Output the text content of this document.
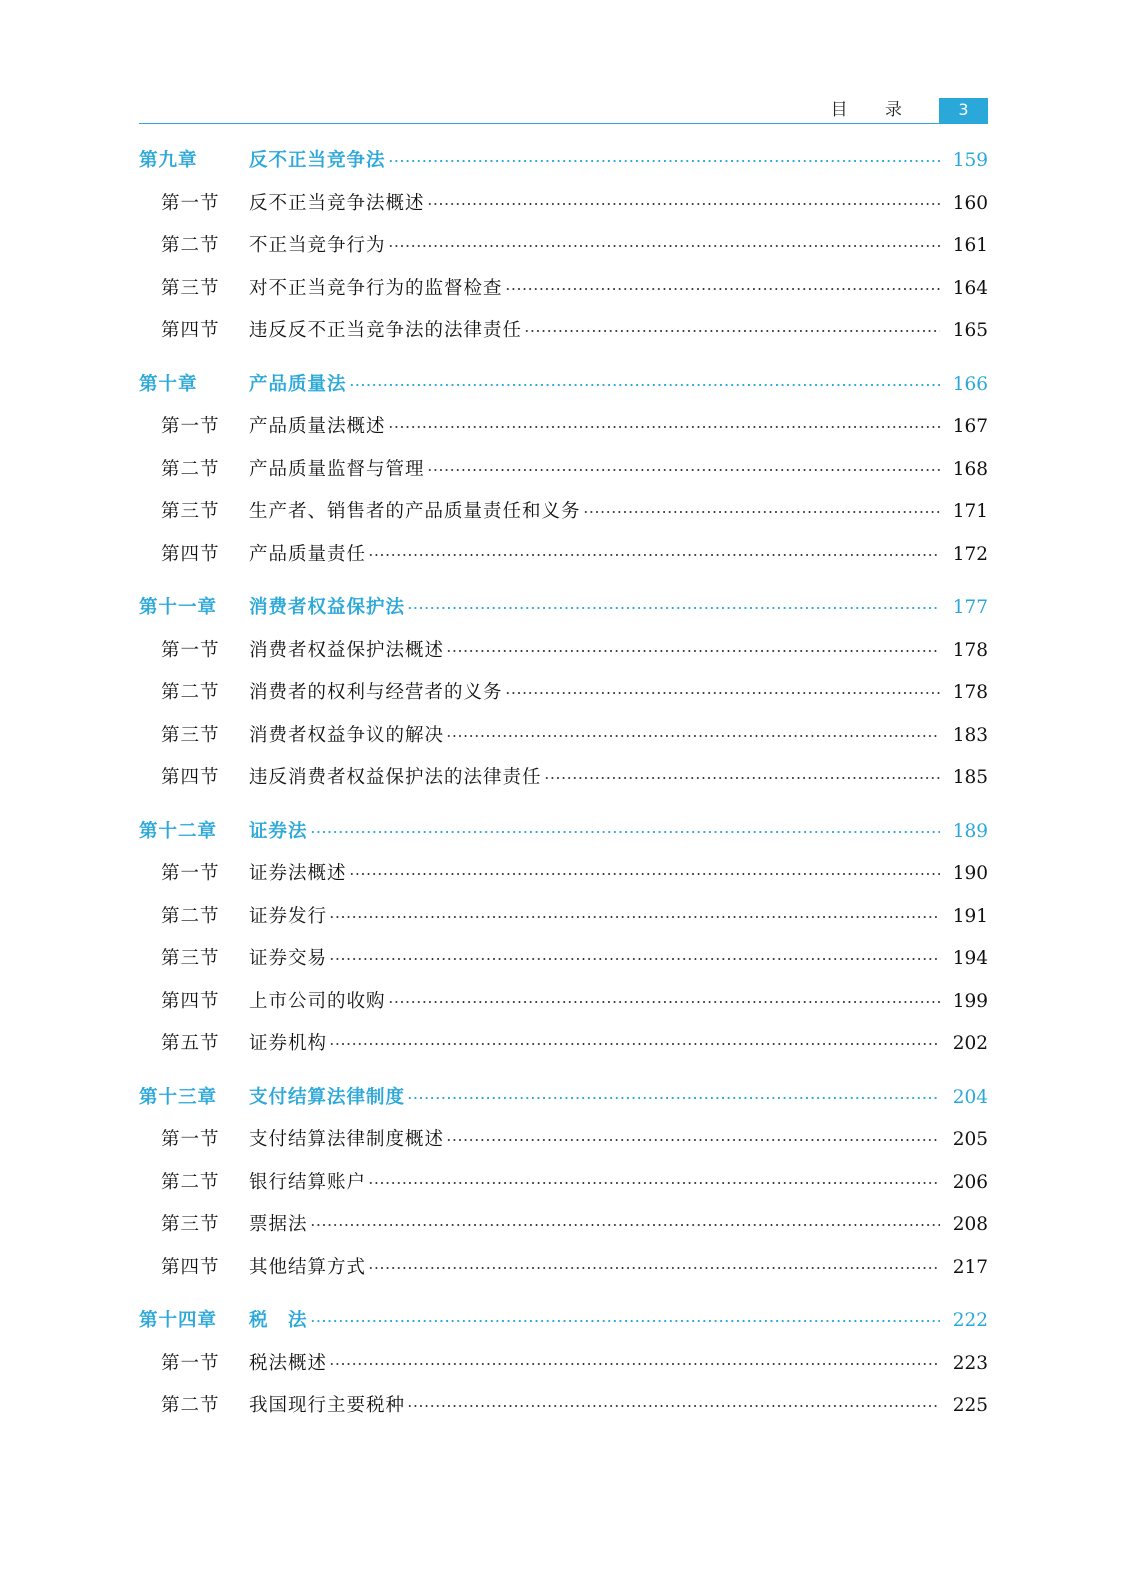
目 录	3
第九章	反不正当竞争法	159
第一节	反不正当竞争法概述	160
第二节	不正当竞争行为	161
第三节	对不正当竞争行为的监督检查	164
第四节	违反反不正当竞争法的法律责任	165
第十章	产品质量法	166
第一节	产品质量法概述	167
第二节	产品质量监督与管理	168
第三节	生产者、销售者的产品质量责任和义务	171
第四节	产品质量责任	172
第十一章	消费者权益保护法	177
第一节	消费者权益保护法概述	178
第二节	消费者的权利与经营者的义务	178
第三节	消费者权益争议的解决	183
第四节	违反消费者权益保护法的法律责任	185
第十二章	证券法	189
第一节	证券法概述	190
第二节	证券发行	191
第三节	证券交易	194
第四节	上市公司的收购	199
第五节	证券机构	202
第十三章	支付结算法律制度	204
第一节	支付结算法律制度概述	205
第二节	银行结算账户	206
第三节	票据法	208
第四节	其他结算方式	217
第十四章	税　法	222
第一节	税法概述	223
第二节	我国现行主要税种	225
